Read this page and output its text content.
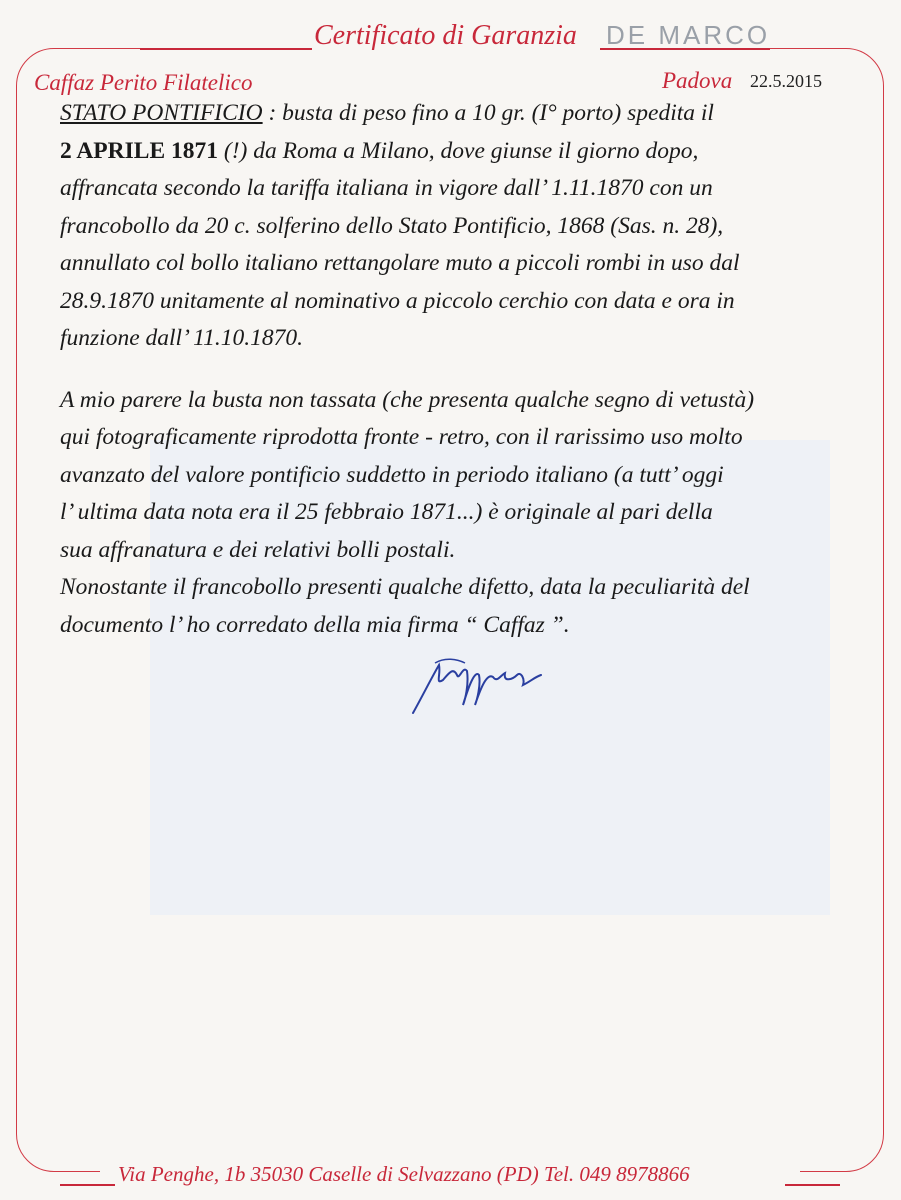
Certificato di Garanzia DE MARCO
Caffaz Perito Filatelico	Padova 22.5.2015
STATO PONTIFICIO : busta di peso fino a 10 gr. (I° porto) spedita il
2 APRILE 1871 (!) da Roma a Milano, dove giunse il giorno dopo,
affrancata secondo la tariffa italiana in vigore dall’ 1.11.1870 con un
francobollo da 20 c. solferino dello Stato Pontificio, 1868 (Sas. n. 28),
annullato col bollo italiano rettangolare muto a piccoli rombi in uso dal
28.9.1870 unitamente al nominativo a piccolo cerchio con data e ora in
funzione dall’ 11.10.1870.
A mio parere la busta non tassata (che presenta qualche segno di vetustà)
qui fotograficamente riprodotta fronte - retro, con il rarissimo uso molto
avanzato del valore pontificio suddetto in periodo italiano (a tutt’ oggi
l’ ultima data nota era il 25 febbraio 1871...) è originale al pari della
sua affranatura e dei relativi bolli postali.
Nonostante il francobollo presenti qualche difetto, data la peculiarità del
documento l’ ho corredato della mia firma “ Caffaz ”.
Via Penghe, 1b 35030 Caselle di Selvazzano (PD) Tel. 049 8978866
